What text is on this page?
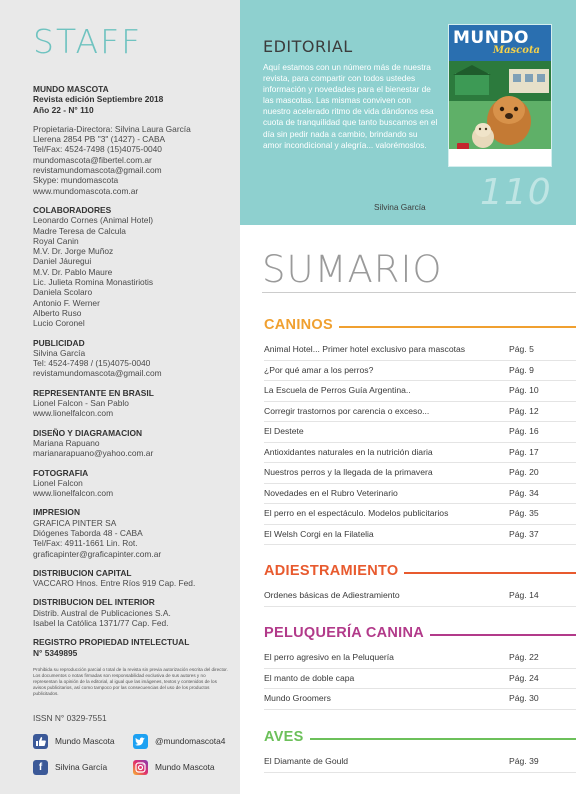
STAFF
MUNDO MASCOTA
Revista edición Septiembre 2018
Año 22 - N° 110
Propietaria-Directora: Silvina Laura García
Llerena 2854 PB "3" (1427) - CABA
Tel/Fax: 4524-7498 (15)4075-0040
mundomascota@fibertel.com.ar
revistamundomascota@gmail.com
Skype: mundomascota
www.mundomascota.com.ar
COLABORADORES
Leonardo Cornes (Animal Hotel)
Madre Teresa de Calcula
Royal Canin
M.V. Dr. Jorge Muñoz
Daniel Jáuregui
M.V. Dr. Pablo Maure
Lic. Julieta Romina Monastiriotis
Daniela Scolaro
Antonio F. Werner
Alberto Ruso
Lucio Coronel
PUBLICIDAD
Silvina García
Tel: 4524-7498 / (15)4075-0040
revistamundomascota@gmail.com
REPRESENTANTE EN BRASIL
Lionel Falcon - San Pablo
www.lionelfalcon.com
DISEÑO Y DIAGRAMACION
Mariana Rapuano
marianarapuano@yahoo.com.ar
FOTOGRAFIA
Lionel Falcon
www.lionelfalcon.com
IMPRESION
GRAFICA PINTER SA
Diógenes Taborda 48 - CABA
Tel/Fax: 4911-1661 Lin. Rot.
graficapinter@graficapinter.com.ar
DISTRIBUCION CAPITAL
VACCARO Hnos. Entre Ríos 919 Cap. Fed.
DISTRIBUCION DEL INTERIOR
Distrib. Austral de Publicaciones S.A.
Isabel la Católica 1371/77 Cap. Fed.
REGISTRO PROPIEDAD INTELECTUAL
N° 5349895
Prohibida su reproducción parcial o total de la revista sin previa autorización escrita del director. Los documentos o notas firmadas son responsabilidad exclusiva de sus autores y no representan la opinión de la editorial, al igual que las imágenes, textos y contenidos de los avisos publicitarios, así como tampoco por las consecuencias del uso de los productos publicitados.
ISSN N° 0329-7551
Mundo Mascota	@mundomascota4
f	Silvina García	Mundo Mascota
EDITORIAL
Aquí estamos con un número más de nuestra revista, para compartir con todos ustedes información y novedades para el bienestar de las mascotas. Las mismas conviven con nuestro acelerado ritmo de vida dándonos esa cuota de tranquilidad que tanto buscamos en el día sin pedir nada a cambio, brindando su amor incondicional y alegría... valorémoslos.
Silvina García 110
MUNDO
Mascota
SUMARIO
CANINOS
Animal Hotel... Primer hotel exclusivo para mascotas	Pág. 5
¿Por qué amar a los perros?	Pág. 9
La Escuela de Perros Guía Argentina..	Pág. 10
Corregir trastornos por carencia o exceso...	Pág. 12
El Destete	Pág. 16
Antioxidantes naturales en la nutrición diaria	Pág. 17
Nuestros perros y la llegada de la primavera	Pág. 20
Novedades en el Rubro Veterinario	Pág. 34
El perro en el espectáculo. Modelos publicitarios	Pág. 35
El Welsh Corgi en la Filatelia	Pág. 37
ADIESTRAMIENTO
Ordenes básicas de Adiestramiento	Pág. 14
PELUQUERÍA CANINA
El perro agresivo en la Peluquería	Pág. 22
El manto de doble capa	Pág. 24
Mundo Groomers	Pág. 30
AVES
El Diamante de Gould	Pág. 39
